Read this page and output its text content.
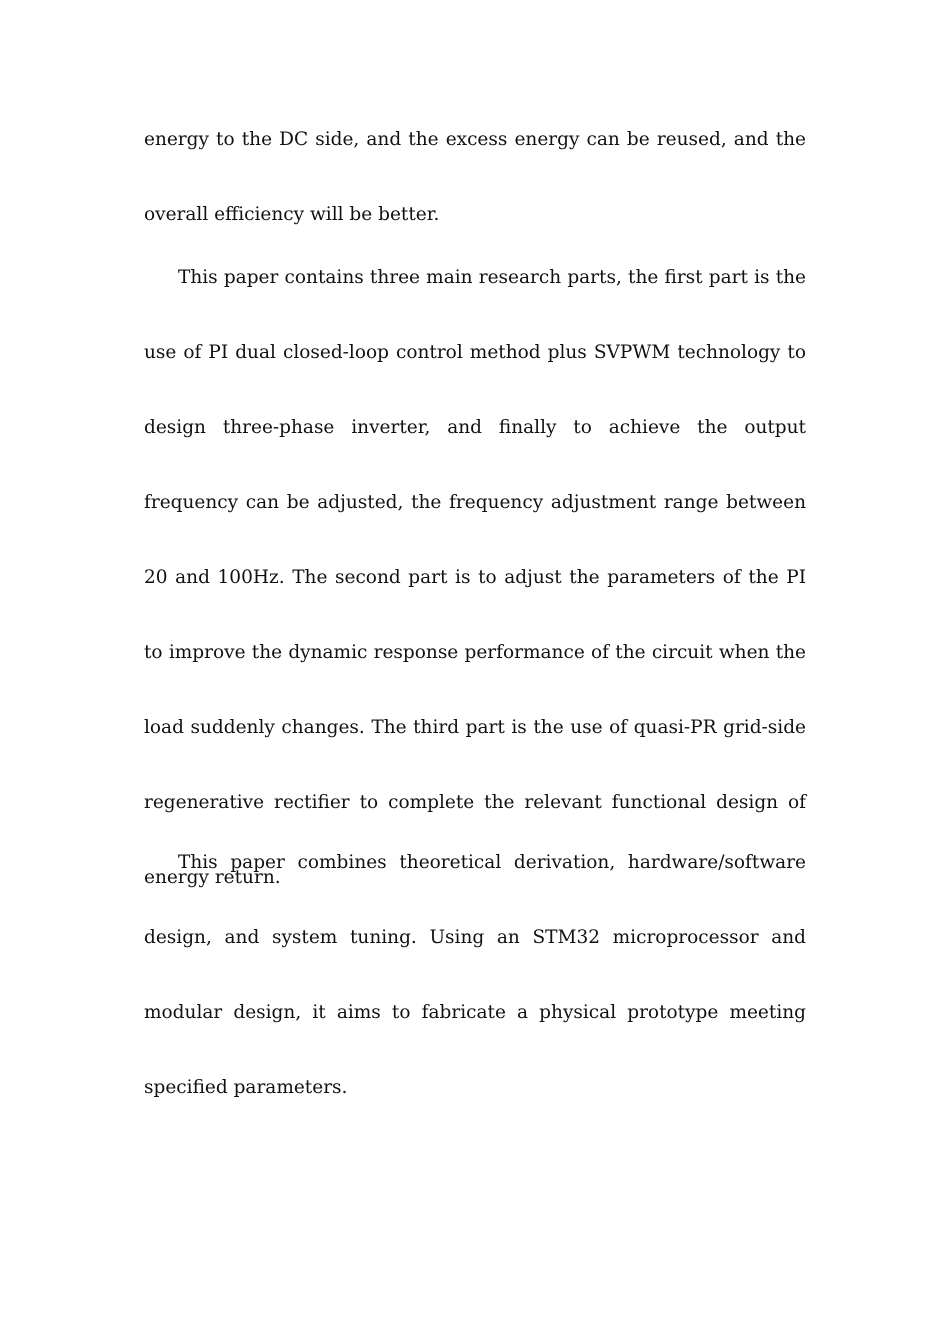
energy to the DC side, and the excess energy can be reused, and the overall efficiency will be better.

This paper contains three main research parts, the first part is the use of PI dual closed-loop control method plus SVPWM technology to design three-phase inverter, and finally to achieve the output frequency can be adjusted, the frequency adjustment range between 20 and 100Hz. The second part is to adjust the parameters of the PI to improve the dynamic response performance of the circuit when the load suddenly changes. The third part is the use of quasi-PR grid-side regenerative rectifier to complete the relevant functional design of energy return.

This paper combines theoretical derivation, hardware/software design, and system tuning. Using an STM32 microprocessor and modular design, it aims to fabricate a physical prototype meeting specified parameters.
